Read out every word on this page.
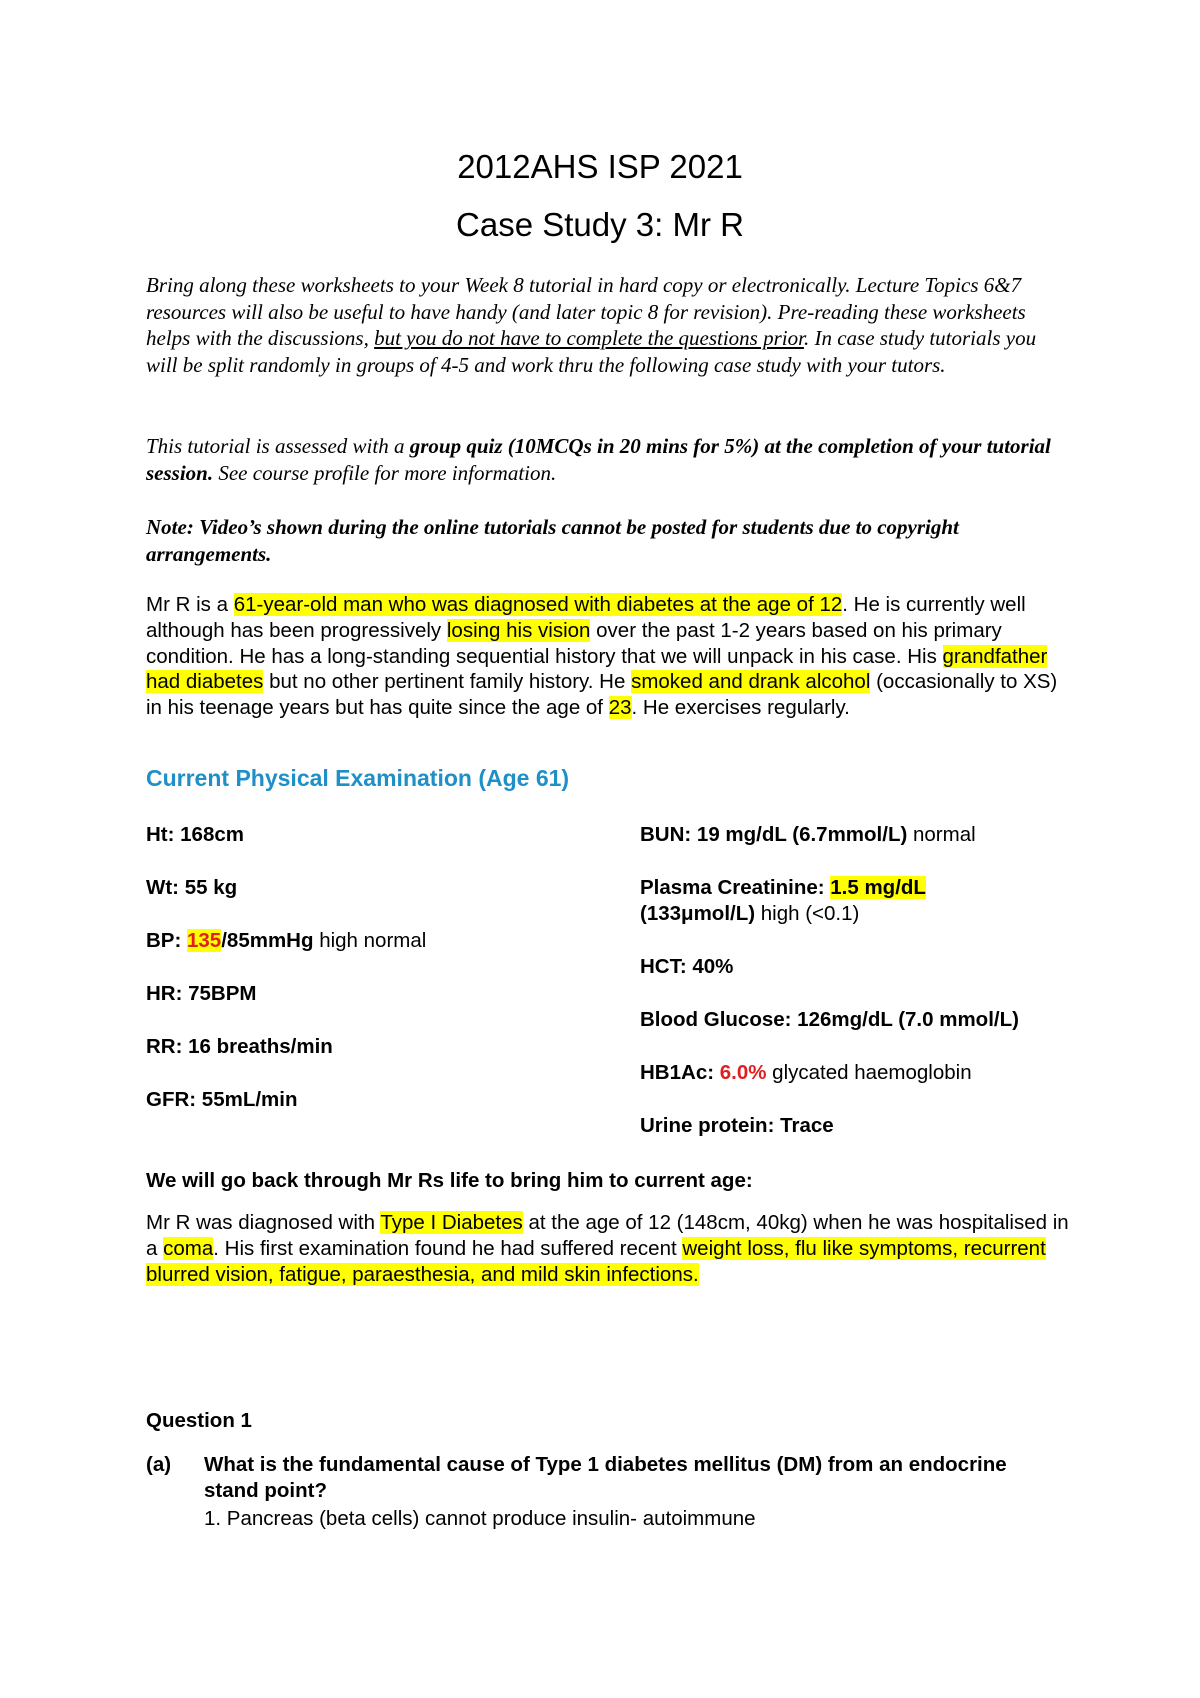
2012AHS ISP 2021
Case Study 3: Mr R
Bring along these worksheets to your Week 8 tutorial in hard copy or electronically. Lecture Topics 6&7 resources will also be useful to have handy (and later topic 8 for revision). Pre-reading these worksheets helps with the discussions, but you do not have to complete the questions prior. In case study tutorials you will be split randomly in groups of 4-5 and work thru the following case study with your tutors.
This tutorial is assessed with a group quiz (10MCQs in 20 mins for 5%) at the completion of your tutorial session. See course profile for more information.
Note: Video’s shown during the online tutorials cannot be posted for students due to copyright arrangements.
Mr R is a 61-year-old man who was diagnosed with diabetes at the age of 12. He is currently well although has been progressively losing his vision over the past 1-2 years based on his primary condition. He has a long-standing sequential history that we will unpack in his case. His grandfather had diabetes but no other pertinent family history. He smoked and drank alcohol (occasionally to XS) in his teenage years but has quite since the age of 23. He exercises regularly.
Current Physical Examination (Age 61)
Ht: 168cm
Wt: 55 kg
BP: 135/85mmHg high normal
HR: 75BPM
RR: 16 breaths/min
GFR: 55mL/min
BUN: 19 mg/dL (6.7mmol/L) normal
Plasma Creatinine: 1.5 mg/dL
(133μmol/L) high (<0.1)
HCT: 40%
Blood Glucose: 126mg/dL (7.0 mmol/L)
HB1Ac: 6.0% glycated haemoglobin
Urine protein: Trace
We will go back through Mr Rs life to bring him to current age:
Mr R was diagnosed with Type I Diabetes at the age of 12 (148cm, 40kg) when he was hospitalised in a coma. His first examination found he had suffered recent weight loss, flu like symptoms, recurrent blurred vision, fatigue, paraesthesia, and mild skin infections.
Question 1
(a) What is the fundamental cause of Type 1 diabetes mellitus (DM) from an endocrine stand point?
1. Pancreas (beta cells) cannot produce insulin- autoimmune
